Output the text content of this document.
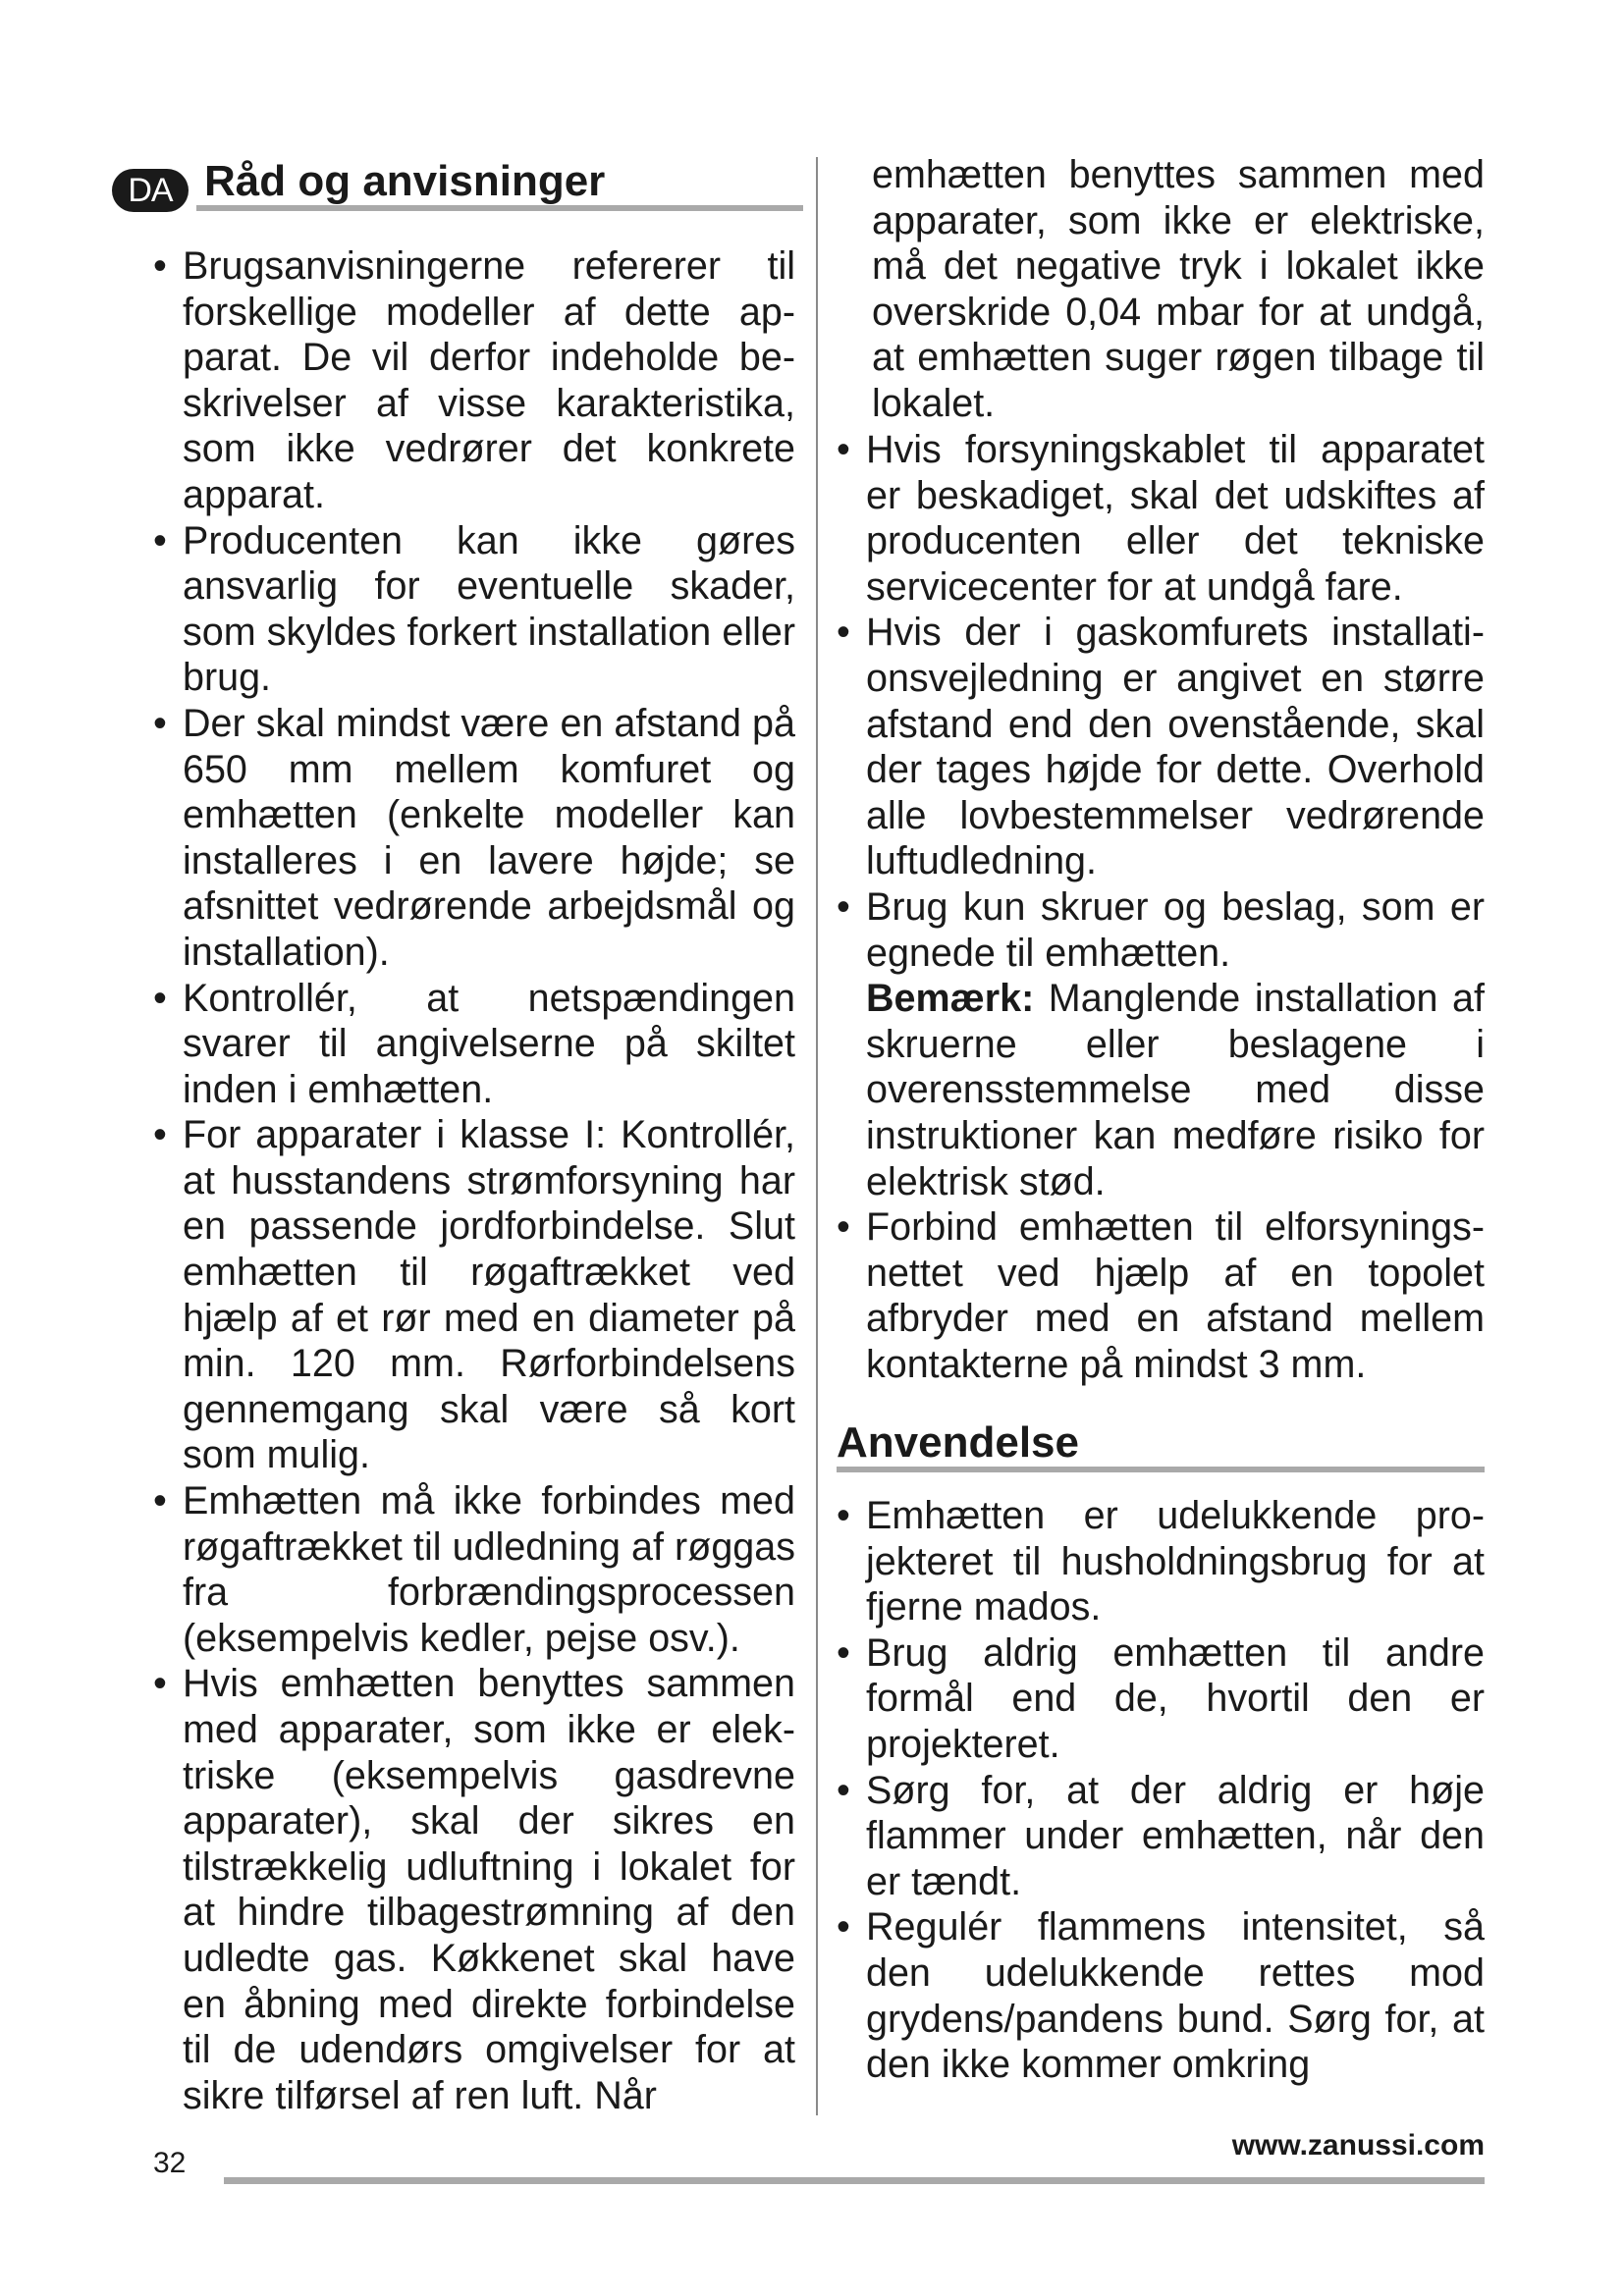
DA Råd og anvisninger
• Brugsanvisningerne refererer til forskellige modeller af dette apparat. De vil derfor indeholde beskrivelser af visse karakteristika, som ikke vedrører det konkrete apparat.
• Producenten kan ikke gøres ansvarlig for eventuelle skader, som skyldes forkert installation eller brug.
• Der skal mindst være en afstand på 650 mm mellem komfuret og emhætten (enkelte modeller kan installeres i en lavere højde; se afsnittet vedrørende arbejdsmål og installation).
• Kontrollér, at netspændingen svarer til angivelserne på skiltet inden i emhætten.
• For apparater i klasse I: Kontrollér, at husstandens strømforsyning har en passende jordforbindelse. Slut emhætten til røgaftrækket ved hjælp af et rør med en diameter på min. 120 mm. Rørforbindelsens gennemgang skal være så kort som mulig.
• Emhætten må ikke forbindes med røgaftrækket til udledning af røggas fra forbrændingsprocessen (eksempelvis kedler, pejse osv.).
• Hvis emhætten benyttes sammen med apparater, som ikke er elektriske (eksempelvis gasdrevne apparater), skal der sikres en tilstrækkelig udluftning i lokalet for at hindre tilbagestrømning af den udledte gas. Køkkenet skal have en åbning med direkte forbindelse til de udendørs omgivelser for at sikre tilførsel af ren luft. Når

emhætten benyttes sammen med apparater, som ikke er elektriske, må det negative tryk i lokalet ikke overskride 0,04 mbar for at undgå, at emhætten suger røgen tilbage til lokalet.

• Hvis forsyningskablet til apparatet er beskadiget, skal det udskiftes af producenten eller det tekniske servicecenter for at undgå fare.
• Hvis der i gaskomfurets installationsvejledning er angivet en større afstand end den ovenstående, skal der tages højde for dette. Overhold alle lovbestemmelser vedrørende luftudledning.
• Brug kun skruer og beslag, som er egnede til emhætten.
Bemærk: Manglende installation af skruerne eller beslagene i overensstemmelse med disse instruktioner kan medføre risiko for elektrisk stød.
• Forbind emhætten til elforsyningsnettet ved hjælp af en topolet afbryder med en afstand mellem kontakterne på mindst 3 mm.
Anvendelse
• Emhætten er udelukkende projekteret til husholdningsbrug for at fjerne mados.
• Brug aldrig emhætten til andre formål end de, hvortil den er projekteret.
• Sørg for, at der aldrig er høje flammer under emhætten, når den er tændt.
• Regulér flammens intensitet, så den udelukkende rettes mod grydens/pandens bund. Sørg for, at den ikke kommer omkring
32
www.zanussi.com
